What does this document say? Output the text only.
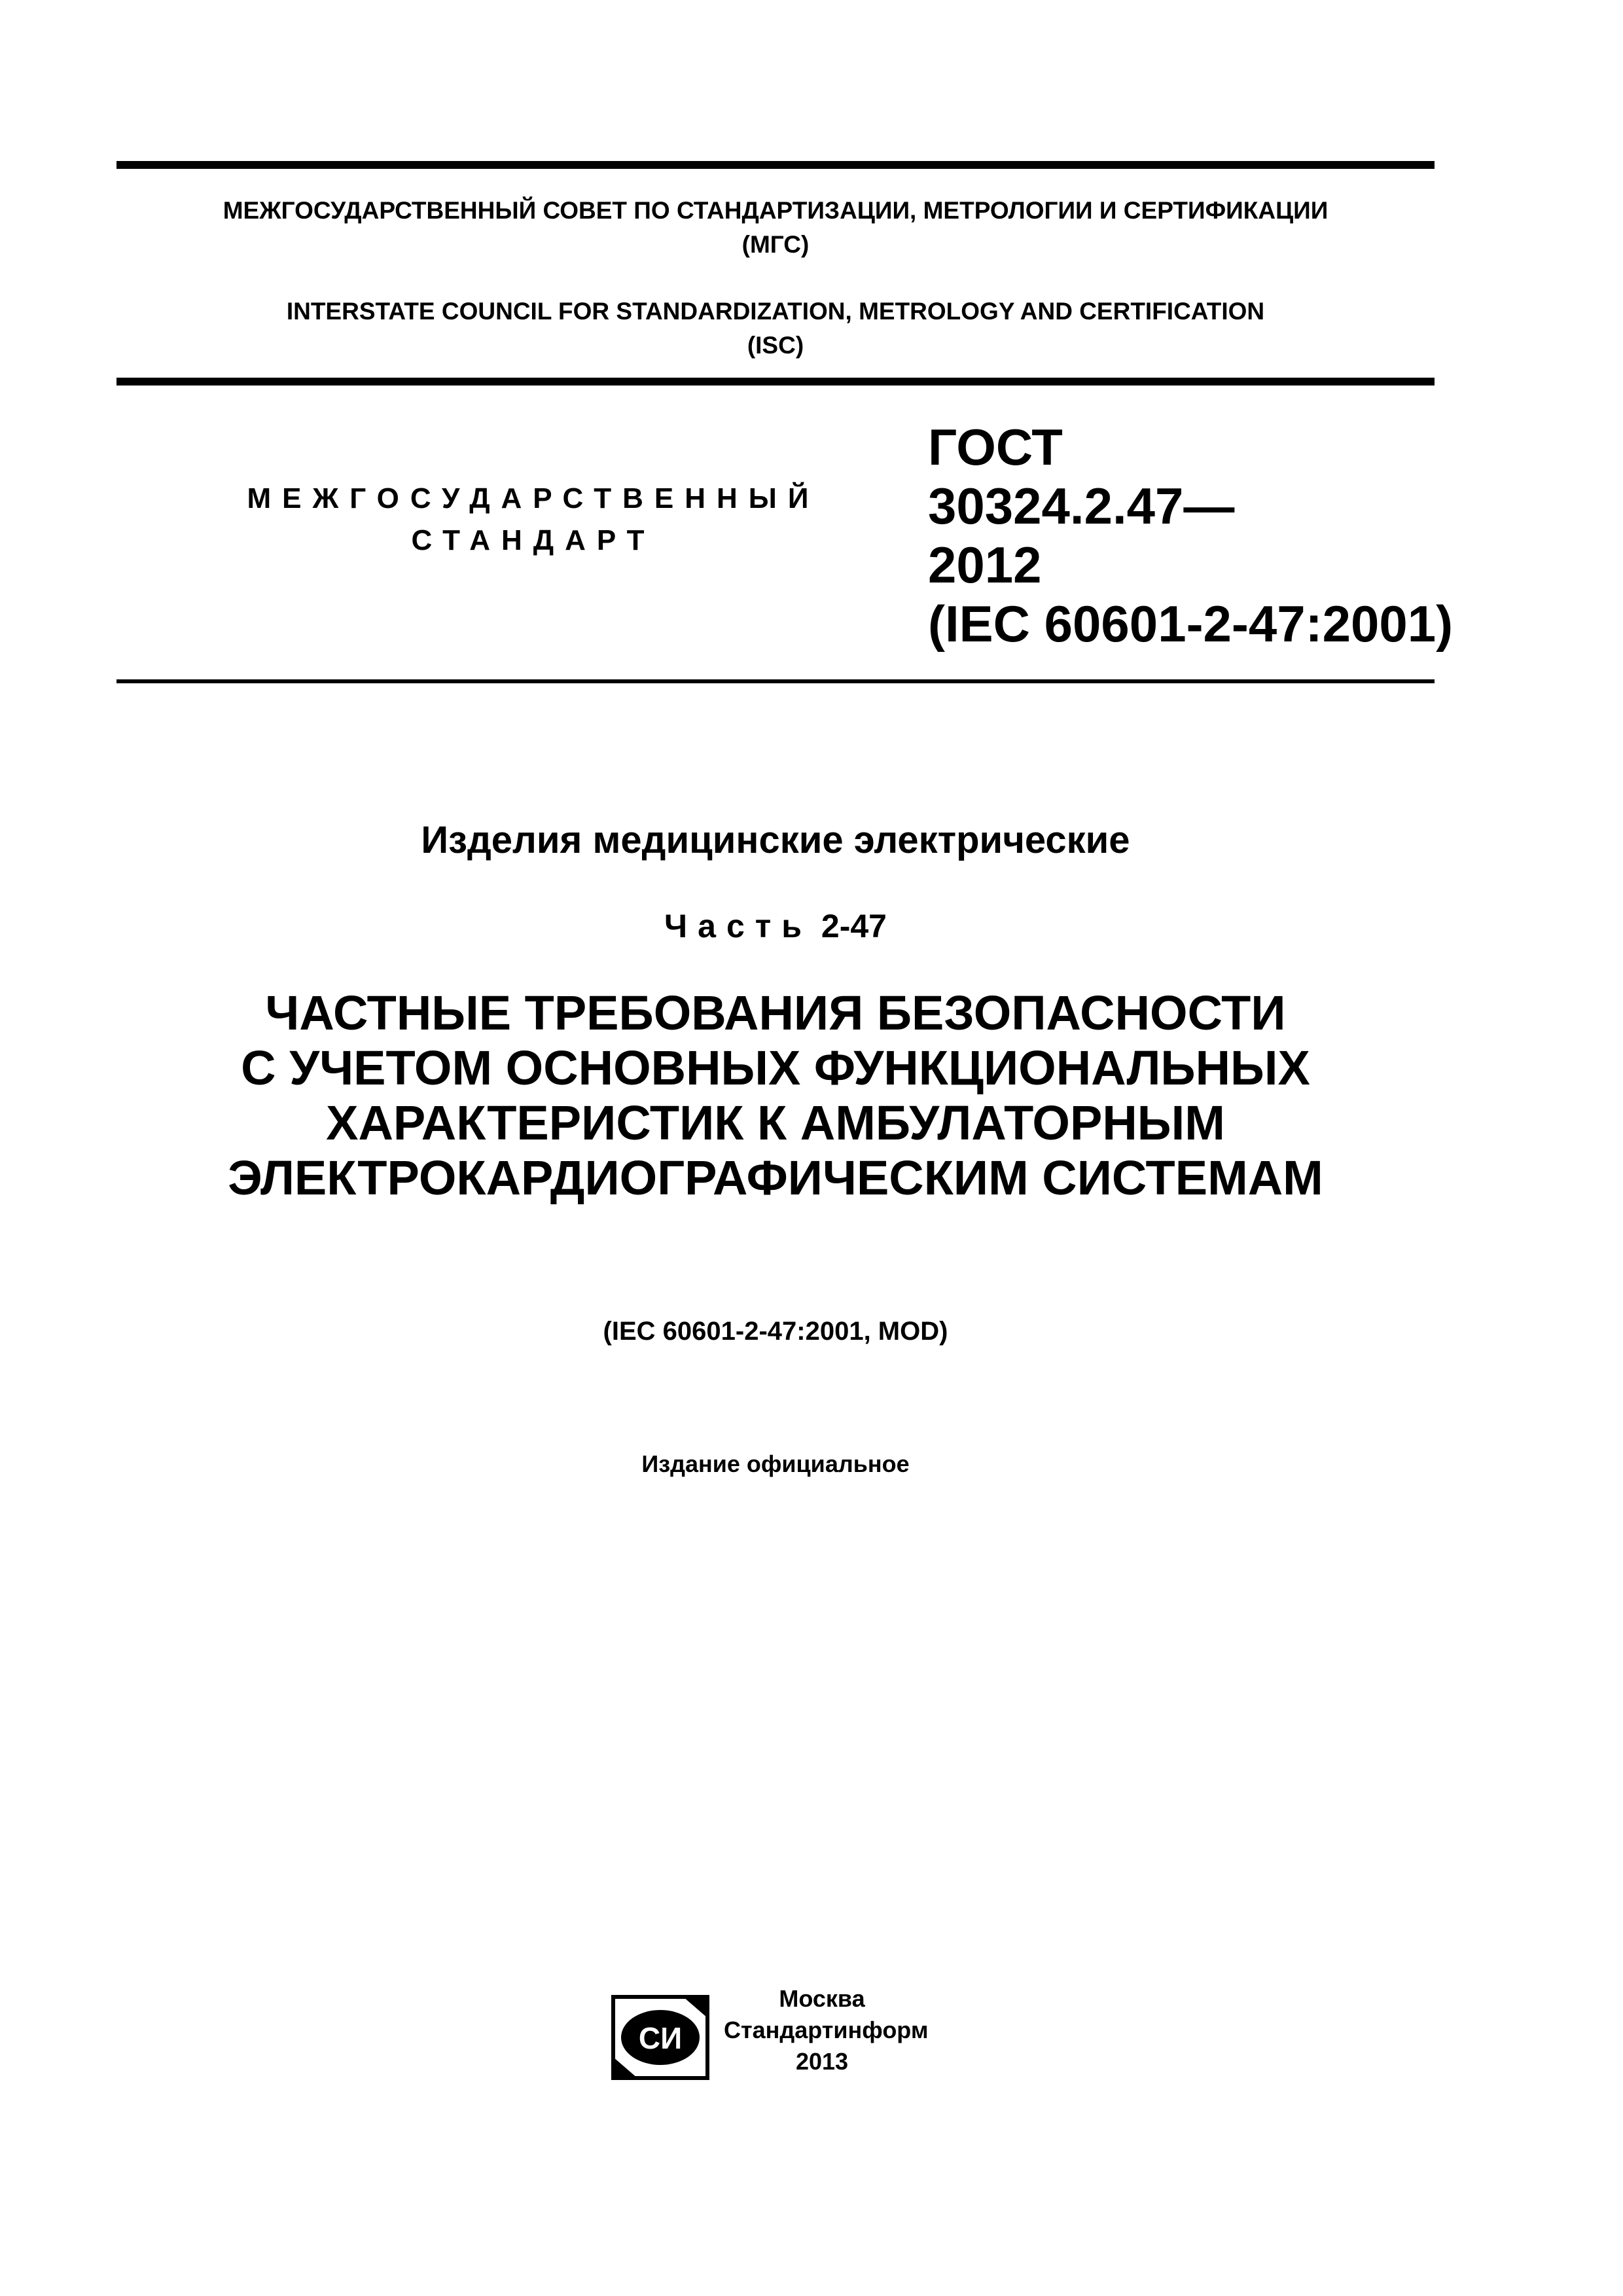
МЕЖГОСУДАРСТВЕННЫЙ СОВЕТ ПО СТАНДАРТИЗАЦИИ, МЕТРОЛОГИИ И СЕРТИФИКАЦИИ
(МГС)
INTERSTATE COUNCIL FOR STANDARDIZATION, METROLOGY AND CERTIFICATION
(ISC)
МЕЖГОСУДАРСТВЕННЫЙ
СТАНДАРТ
ГОСТ
30324.2.47—
2012
(IEC 60601-2-47:2001)
Изделия медицинские электрические
Часть 2-47
ЧАСТНЫЕ ТРЕБОВАНИЯ БЕЗОПАСНОСТИ
С УЧЕТОМ ОСНОВНЫХ ФУНКЦИОНАЛЬНЫХ
ХАРАКТЕРИСТИК К АМБУЛАТОРНЫМ
ЭЛЕКТРОКАРДИОГРАФИЧЕСКИМ СИСТЕМАМ
(IEC 60601-2-47:2001, MOD)
Издание официальное
СИ
Москва
Стандартинформ
2013
